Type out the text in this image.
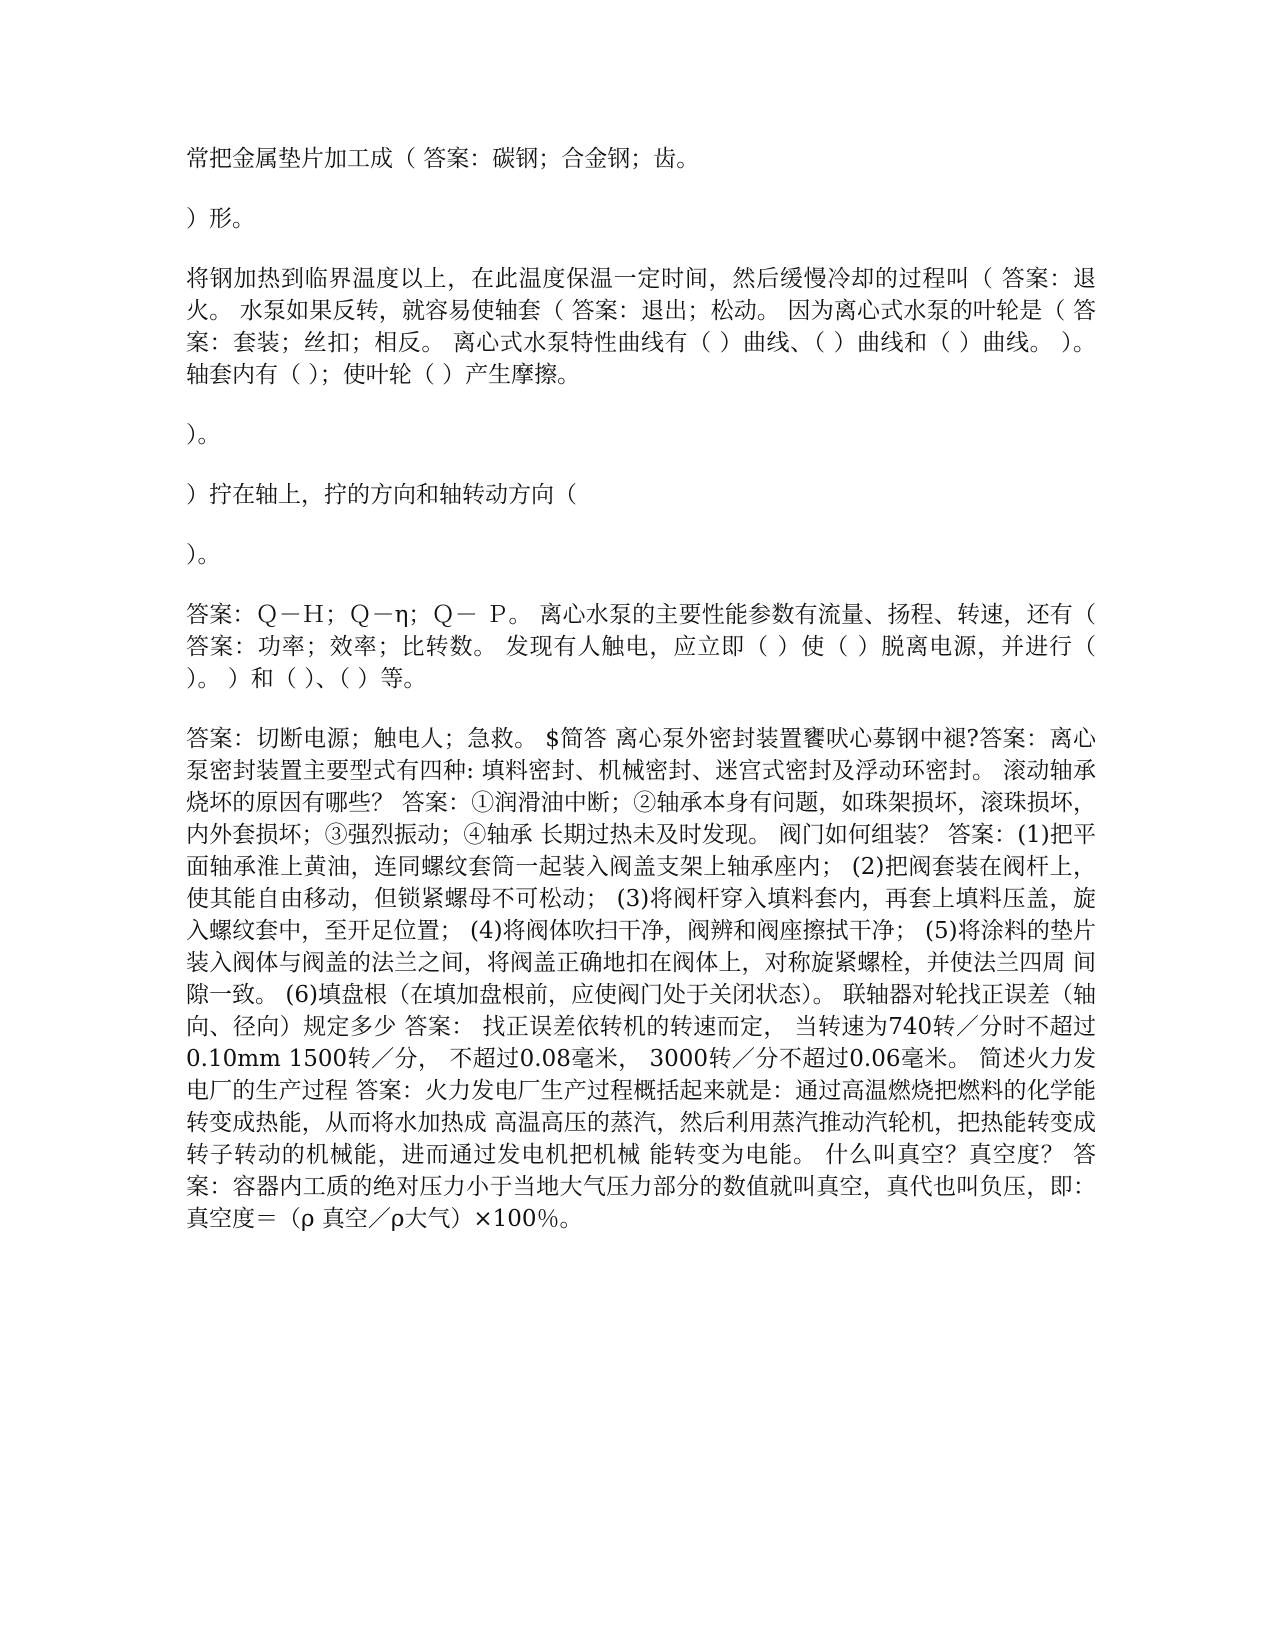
常把金属垫片加工成（ 答案：碳钢；合金钢；齿。

）形。

将钢加热到临界温度以上，在此温度保温一定时间，然后缓慢冷却的过程叫（ 答案：退火。 水泵如果反转，就容易使轴套（ 答案：退出；松动。 因为离心式水泵的叶轮是（ 答案：套装；丝扣；相反。 离心式水泵特性曲线有（ ）曲线、（ ）曲线和（ ）曲线。 ）。轴套内有（ ）；使叶轮（ ）产生摩擦。

）。

）拧在轴上，拧的方向和轴转动方向（

）。

答案：Ｑ－Ｈ；Ｑ－η；Ｑ－ Ｐ。 离心水泵的主要性能参数有流量、扬程、转速，还有（ 答案：功率；效率；比转数。 发现有人触电，应立即（ ）使（ ）脱离电源，并进行（ ）。 ）和（ ）、（ ）等。

答案：切断电源；触电人；急救。 $简答 离心泵外密封装置饔吠心募钢中褪?答案：离心泵密封装置主要型式有四种: 填料密封、机械密封、迷宫式密封及浮动环密封。 滚动轴承烧坏的原因有哪些？ 答案：①润滑油中断；②轴承本身有问题，如珠架损坏，滚珠损坏，内外套损坏；③强烈振动；④轴承 长期过热未及时发现。 阀门如何组装？ 答案：(1)把平面轴承淮上黄油，连同螺纹套筒一起装入阀盖支架上轴承座内； (2)把阀套装在阀杆上，使其能自由移动，但锁紧螺母不可松动； (3)将阀杆穿入填料套内，再套上填料压盖，旋入螺纹套中，至开足位置； (4)将阀体吹扫干净，阀辨和阀座擦拭干净； (5)将涂料的垫片装入阀体与阀盖的法兰之间，将阀盖正确地扣在阀体上，对称旋紧螺栓，并使法兰四周 间隙一致。 (6)填盘根（在填加盘根前，应使阀门处于关闭状态）。 联轴器对轮找正误差（轴向、径向）规定多少 答案： 找正误差依转机的转速而定， 当转速为740转／分时不超过0.10mm 1500转／分， 不超过0.08毫米， 3000转／分不超过0.06毫米。 简述火力发电厂的生产过程 答案：火力发电厂生产过程概括起来就是：通过高温燃烧把燃料的化学能转变成热能，从而将水加热成 高温高压的蒸汽，然后利用蒸汽推动汽轮机，把热能转变成转子转动的机械能，进而通过发电机把机械 能转变为电能。 什么叫真空？真空度？ 答案：容器内工质的绝对压力小于当地大气压力部分的数值就叫真空，真代也叫负压，即：真空度＝（ρ 真空／ρ大气）×100％。
